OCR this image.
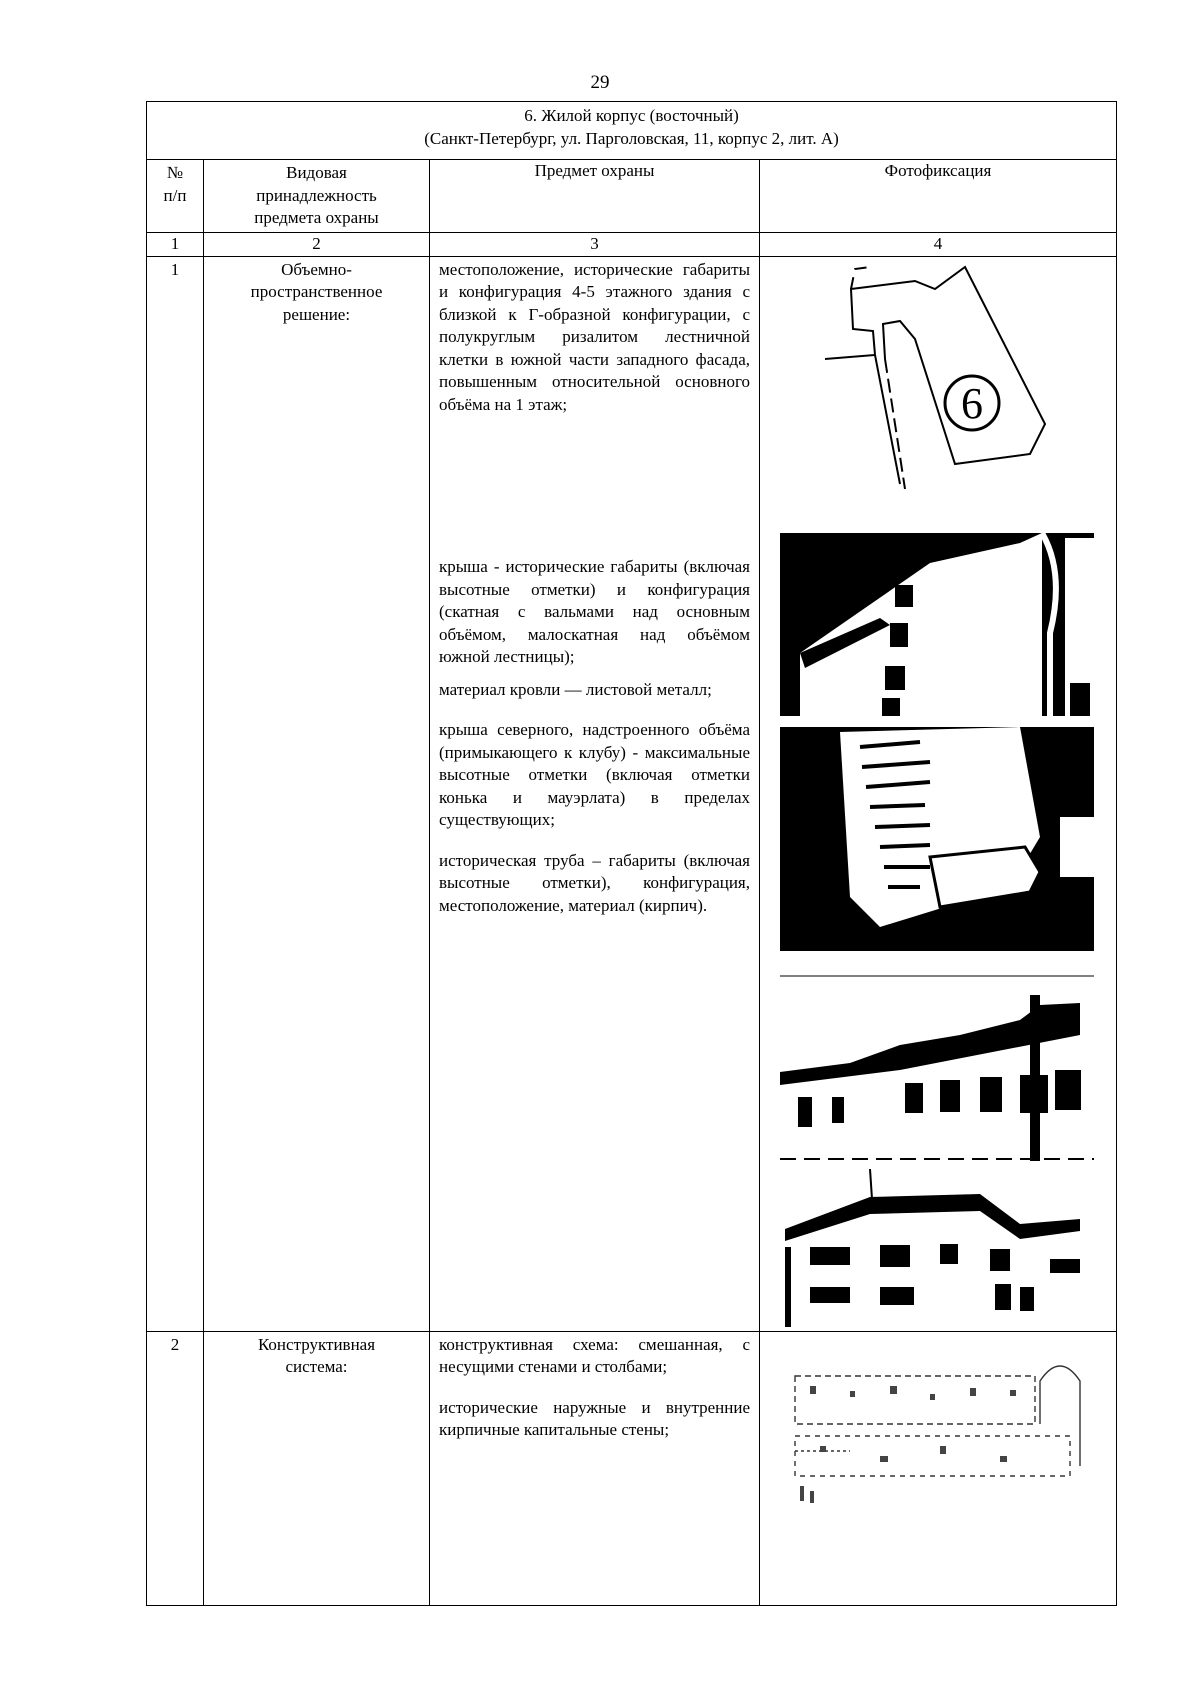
29
6. Жилой корпус (восточный)
(Санкт-Петербург, ул. Парголовская, 11, корпус 2, лит. А)			

№ п/п	Видовая принадлежность предмета охраны	Предмет охраны	Фотофиксация
1	2	3	4
1	Объемно-пространственное решение:	местоположение, исторические габариты и конфигурация 4-5 этажного здания с близкой к Г-образной конфигурации, с полукруглым ризалитом лестничной клетки в южной части западного фасада, повышенным относительной основного объёма на 1 этаж;

крыша - исторические габариты (включая высотные отметки) и конфигурация (скатная с вальмами над основным объёмом, малоскатная над объёмом южной лестницы);

материал кровли — листовой металл;

крыша северного, надстроенного объёма (примыкающего к клубу) - максимальные высотные отметки (включая отметки конька и мауэрлата) в пределах существующих;

историческая труба – габариты (включая высотные отметки), конфигурация, местоположение, материал (кирпич).	6

2	Конструктивная система:	конструктивная схема: смешанная, с несущими стенами и столбами;

исторические наружные и внутренние кирпичные капитальные стены;
